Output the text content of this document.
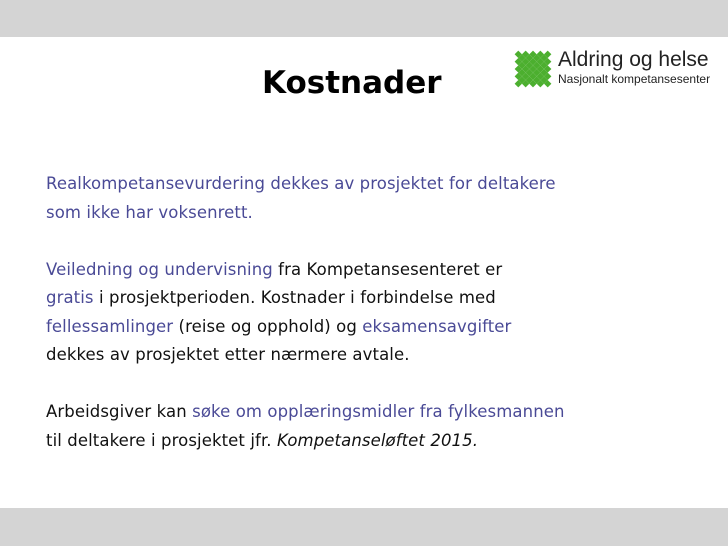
Kostnader
Aldring og helse
Nasjonalt kompetansesenter
Realkompetansevurdering dekkes av prosjektet for deltakere
som ikke har voksenrett.
Veiledning og undervisning fra Kompetansesenteret er
gratis i prosjektperioden. Kostnader i forbindelse med
fellessamlinger (reise og opphold) og eksamensavgifter
dekkes av prosjektet etter nærmere avtale.
Arbeidsgiver kan søke om opplæringsmidler fra fylkesmannen
til deltakere i prosjektet jfr. Kompetanseløftet 2015.
